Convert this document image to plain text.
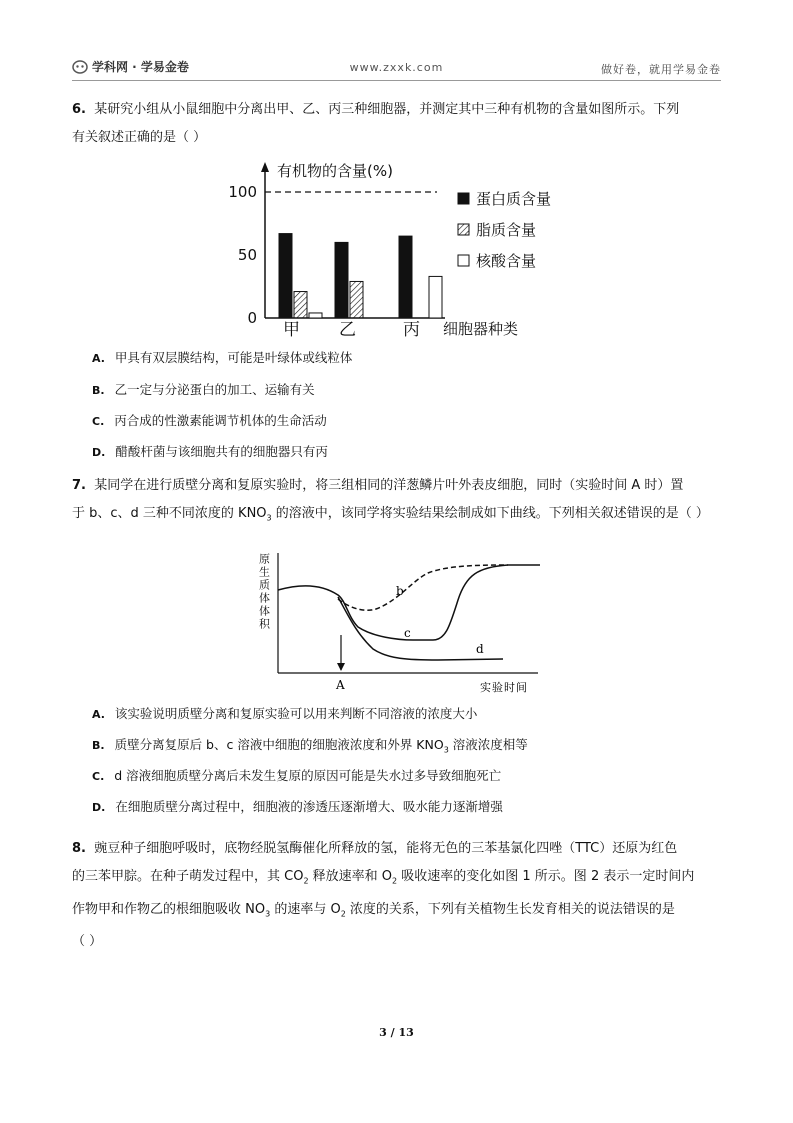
学科网 · 学易金卷	www.zxxk.com	做好卷，就用学易金卷
6. 某研究小组从小鼠细胞中分离出甲、乙、丙三种细胞器，并测定其中三种有机物的含量如图所示。下列
有关叙述正确的是（ ）
有机物的含量(%)
100
50
0
甲 乙	丙 细胞器种类
蛋白质含量
脂质含量
核酸含量
A. 甲具有双层膜结构，可能是叶绿体或线粒体
B. 乙一定与分泌蛋白的加工、运输有关
C. 丙合成的性激素能调节机体的生命活动
D. 醋酸杆菌与该细胞共有的细胞器只有丙
7. 某同学在进行质壁分离和复原实验时，将三组相同的洋葱鳞片叶外表皮细胞，同时（实验时间 A 时）置
于 b、c、d 三种不同浓度的 $KNO_3$ 的溶液中，该同学将实验结果绘制成如下曲线。下列相关叙述错误的是（ ）
原生质体体积	b
c
d
A	实验时间
A. 该实验说明质壁分离和复原实验可以用来判断不同溶液的浓度大小
B. 质壁分离复原后 b、c 溶液中细胞的细胞液浓度和外界 $KNO_3$ 溶液浓度相等
C. d 溶液细胞质壁分离后未发生复原的原因可能是失水过多导致细胞死亡
D. 在细胞质壁分离过程中，细胞液的渗透压逐渐增大、吸水能力逐渐增强
8. 豌豆种子细胞呼吸时，底物经脱氢酶催化所释放的氢，能将无色的三苯基氯化四唑（TTC）还原为红色
的三苯甲腙。在种子萌发过程中，其 $CO_2$ 释放速率和 $O_2$ 吸收速率的变化如图 1 所示。图 2 表示一定时间内
作物甲和作物乙的根细胞吸收 $NO_3$ 的速率与 $O_2$ 浓度的关系，下列有关植物生长发育相关的说法错误的是
（ ）
3 / 13
